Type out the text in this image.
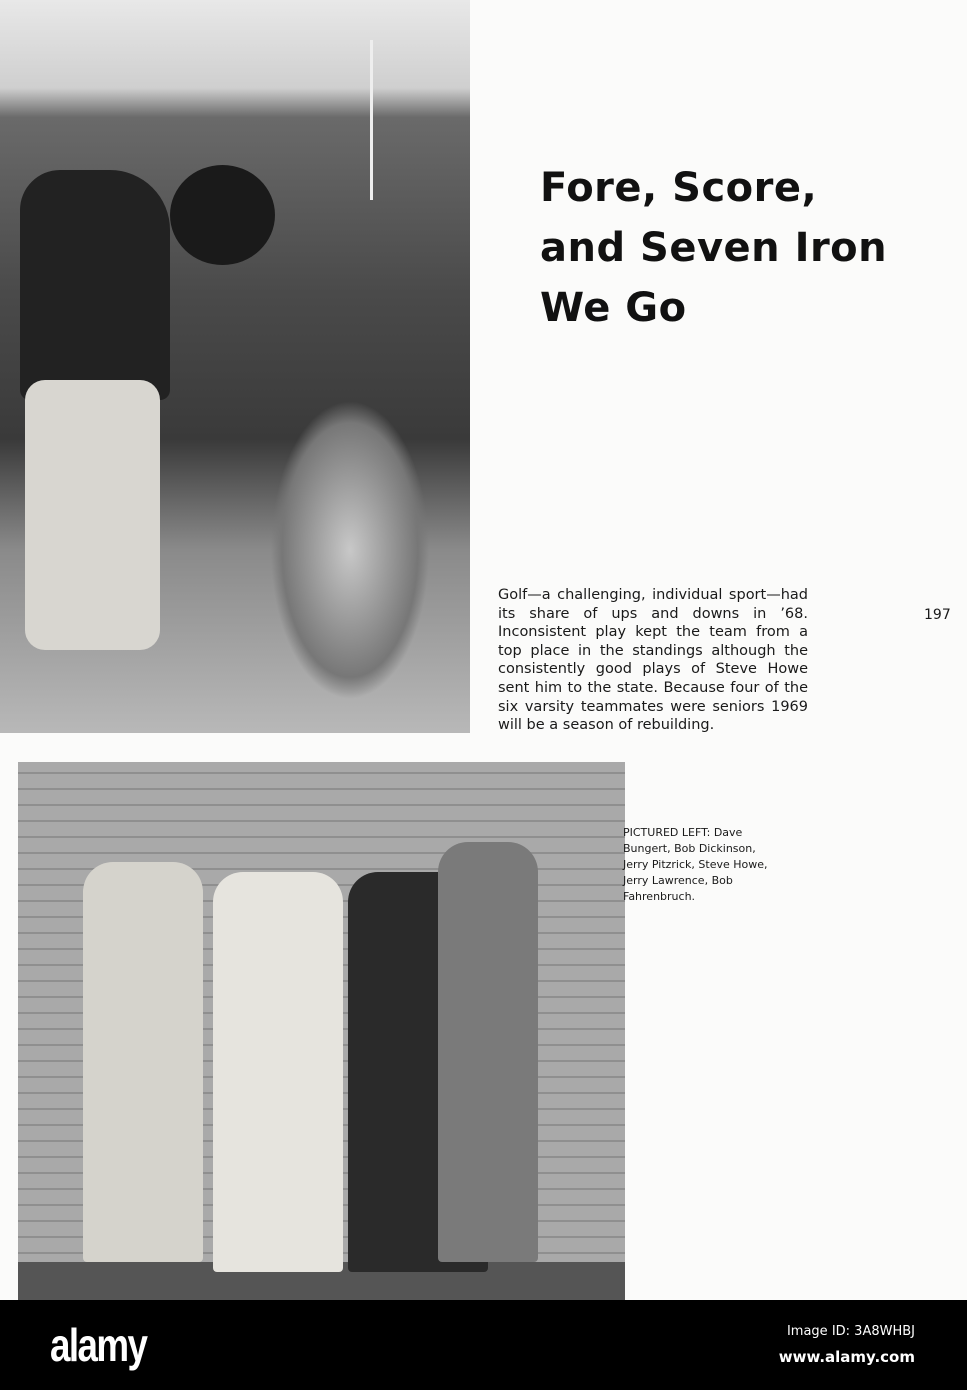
Fore, Score,
and Seven Iron
We Go

Golf—a challenging, individual sport—had its share of ups and downs in ’68. Inconsistent play kept the team from a top place in the standings although the consistently good plays of Steve Howe sent him to the state. Because four of the six varsity teammates were seniors 1969 will be a season of rebuilding.

197

PICTURED LEFT: Dave Bungert, Bob Dickinson, Jerry Pitzrick, Steve Howe, Jerry Lawrence, Bob Fahrenbruch.

alamy	Image ID: 3A8WHBJ
www.alamy.com
